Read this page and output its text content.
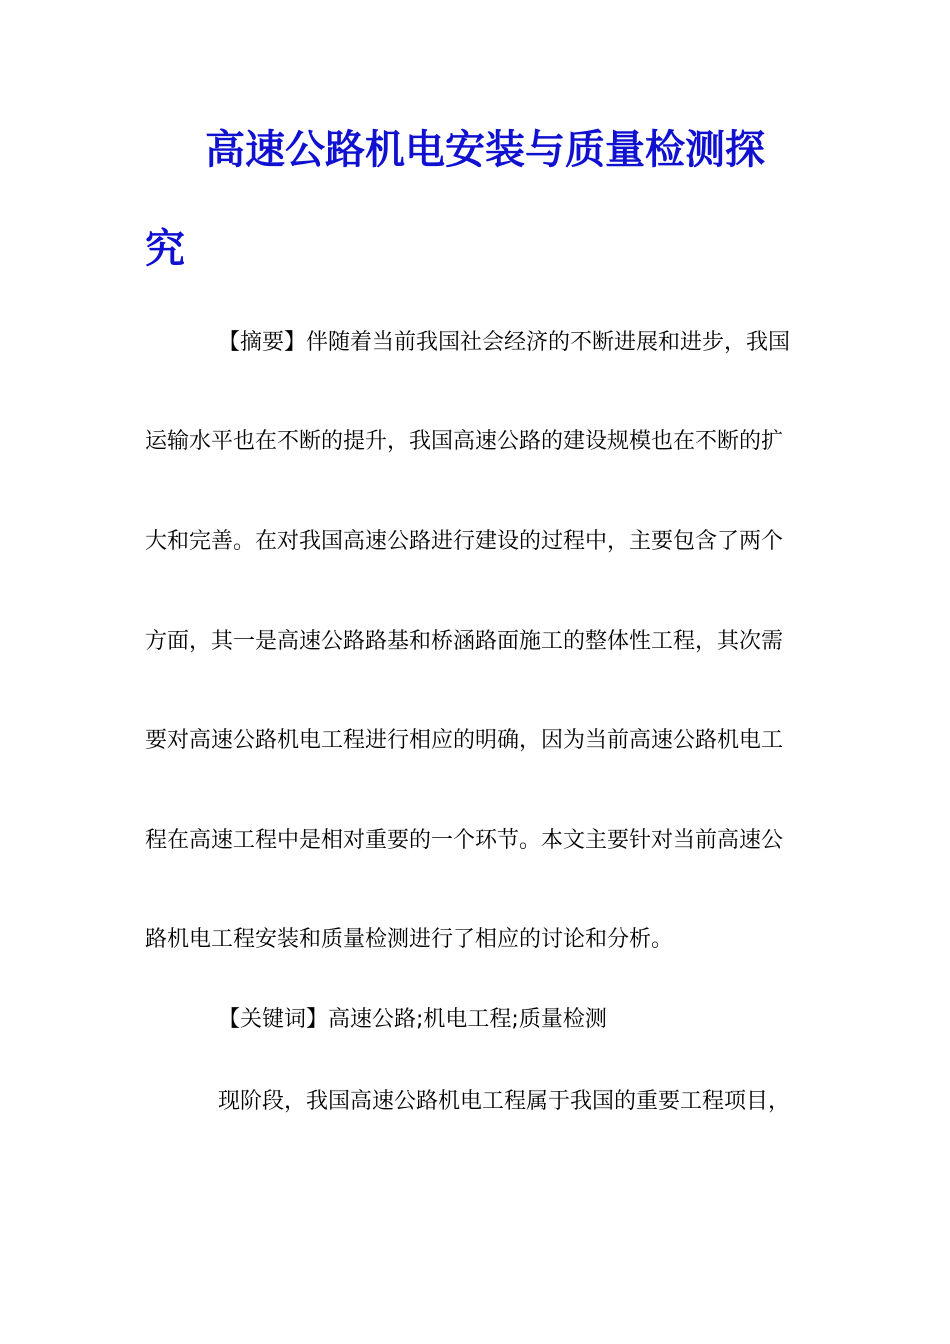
高速公路机电安装与质量检测探
究
【摘要】伴随着当前我国社会经济的不断进展和进步，我国
运输水平也在不断的提升，我国高速公路的建设规模也在不断的扩
大和完善。在对我国高速公路进行建设的过程中，主要包含了两个
方面，其一是高速公路路基和桥涵路面施工的整体性工程，其次需
要对高速公路机电工程进行相应的明确，因为当前高速公路机电工
程在高速工程中是相对重要的一个环节。本文主要针对当前高速公
路机电工程安装和质量检测进行了相应的讨论和分析。
【关键词】高速公路;机电工程;质量检测
现阶段，我国高速公路机电工程属于我国的重要工程项目，
